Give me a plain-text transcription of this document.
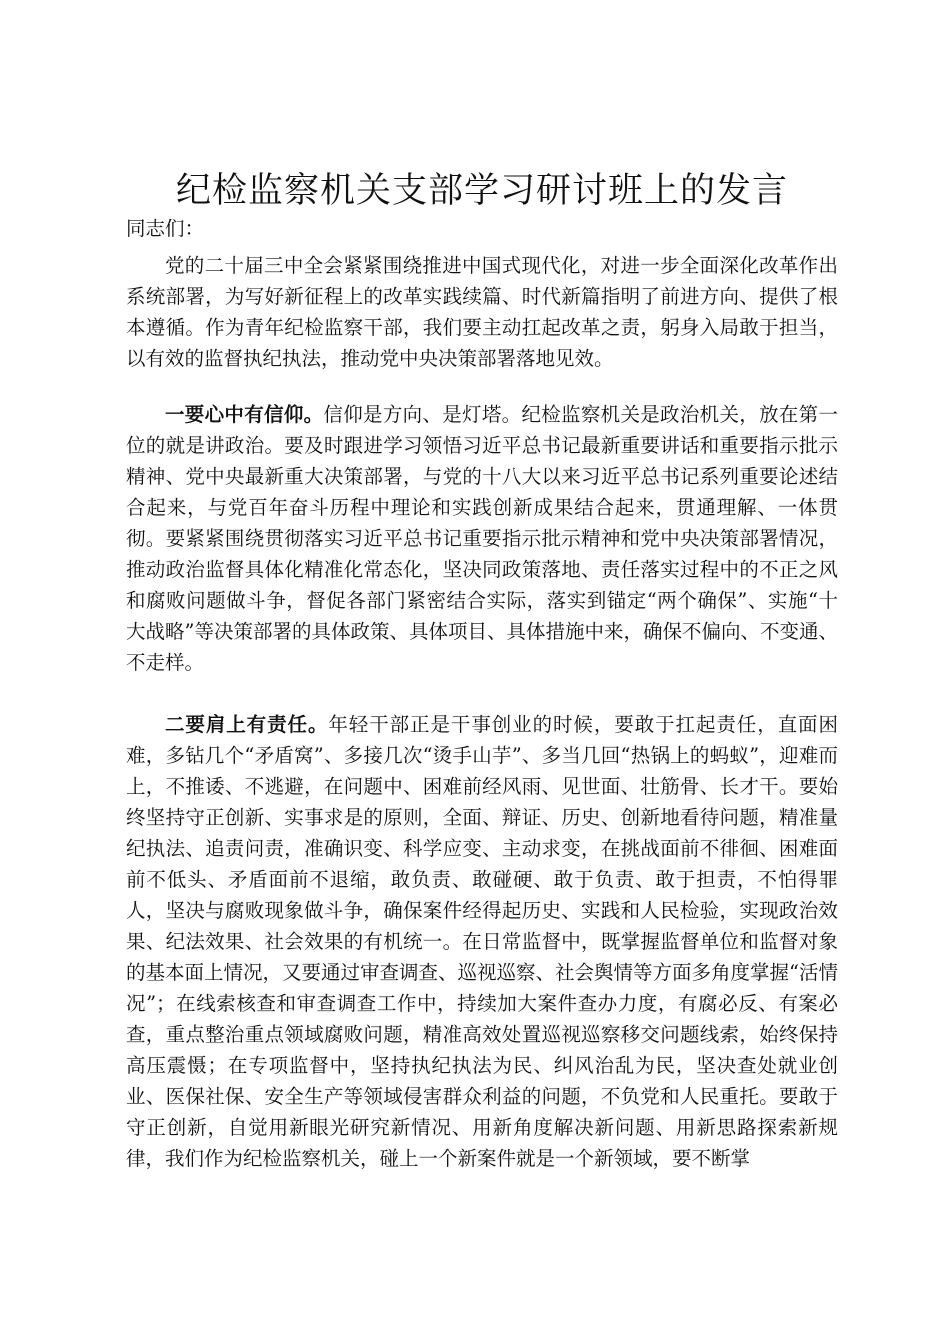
纪检监察机关支部学习研讨班上的发言

同志们：

党的二十届三中全会紧紧围绕推进中国式现代化，对进一步全面深化改革作出系统部署，为写好新征程上的改革实践续篇、时代新篇指明了前进方向、提供了根本遵循。作为青年纪检监察干部，我们要主动扛起改革之责，躬身入局敢于担当，以有效的监督执纪执法，推动党中央决策部署落地见效。

一要心中有信仰。信仰是方向、是灯塔。纪检监察机关是政治机关，放在第一位的就是讲政治。要及时跟进学习领悟习近平总书记最新重要讲话和重要指示批示精神、党中央最新重大决策部署，与党的十八大以来习近平总书记系列重要论述结合起来，与党百年奋斗历程中理论和实践创新成果结合起来，贯通理解、一体贯彻。要紧紧围绕贯彻落实习近平总书记重要指示批示精神和党中央决策部署情况，推动政治监督具体化精准化常态化，坚决同政策落地、责任落实过程中的不正之风和腐败问题做斗争，督促各部门紧密结合实际，落实到锚定“两个确保”、实施“十大战略”等决策部署的具体政策、具体项目、具体措施中来，确保不偏向、不变通、不走样。

二要肩上有责任。年轻干部正是干事创业的时候，要敢于扛起责任，直面困难，多钻几个“矛盾窝”、多接几次“烫手山芋”、多当几回“热锅上的蚂蚁”，迎难而上，不推诿、不逃避，在问题中、困难前经风雨、见世面、壮筋骨、长才干。要始终坚持守正创新、实事求是的原则，全面、辩证、历史、创新地看待问题，精准量纪执法、追责问责，准确识变、科学应变、主动求变，在挑战面前不徘徊、困难面前不低头、矛盾面前不退缩，敢负责、敢碰硬、敢于负责、敢于担责，不怕得罪人，坚决与腐败现象做斗争，确保案件经得起历史、实践和人民检验，实现政治效果、纪法效果、社会效果的有机统一。在日常监督中，既掌握监督单位和监督对象的基本面上情况，又要通过审查调查、巡视巡察、社会舆情等方面多角度掌握“活情况”；在线索核查和审查调查工作中，持续加大案件查办力度，有腐必反、有案必查，重点整治重点领域腐败问题，精准高效处置巡视巡察移交问题线索，始终保持高压震慑；在专项监督中，坚持执纪执法为民、纠风治乱为民，坚决查处就业创业、医保社保、安全生产等领域侵害群众利益的问题，不负党和人民重托。要敢于守正创新，自觉用新眼光研究新情况、用新角度解决新问题、用新思路探索新规律，我们作为纪检监察机关，碰上一个新案件就是一个新领域，要不断掌
